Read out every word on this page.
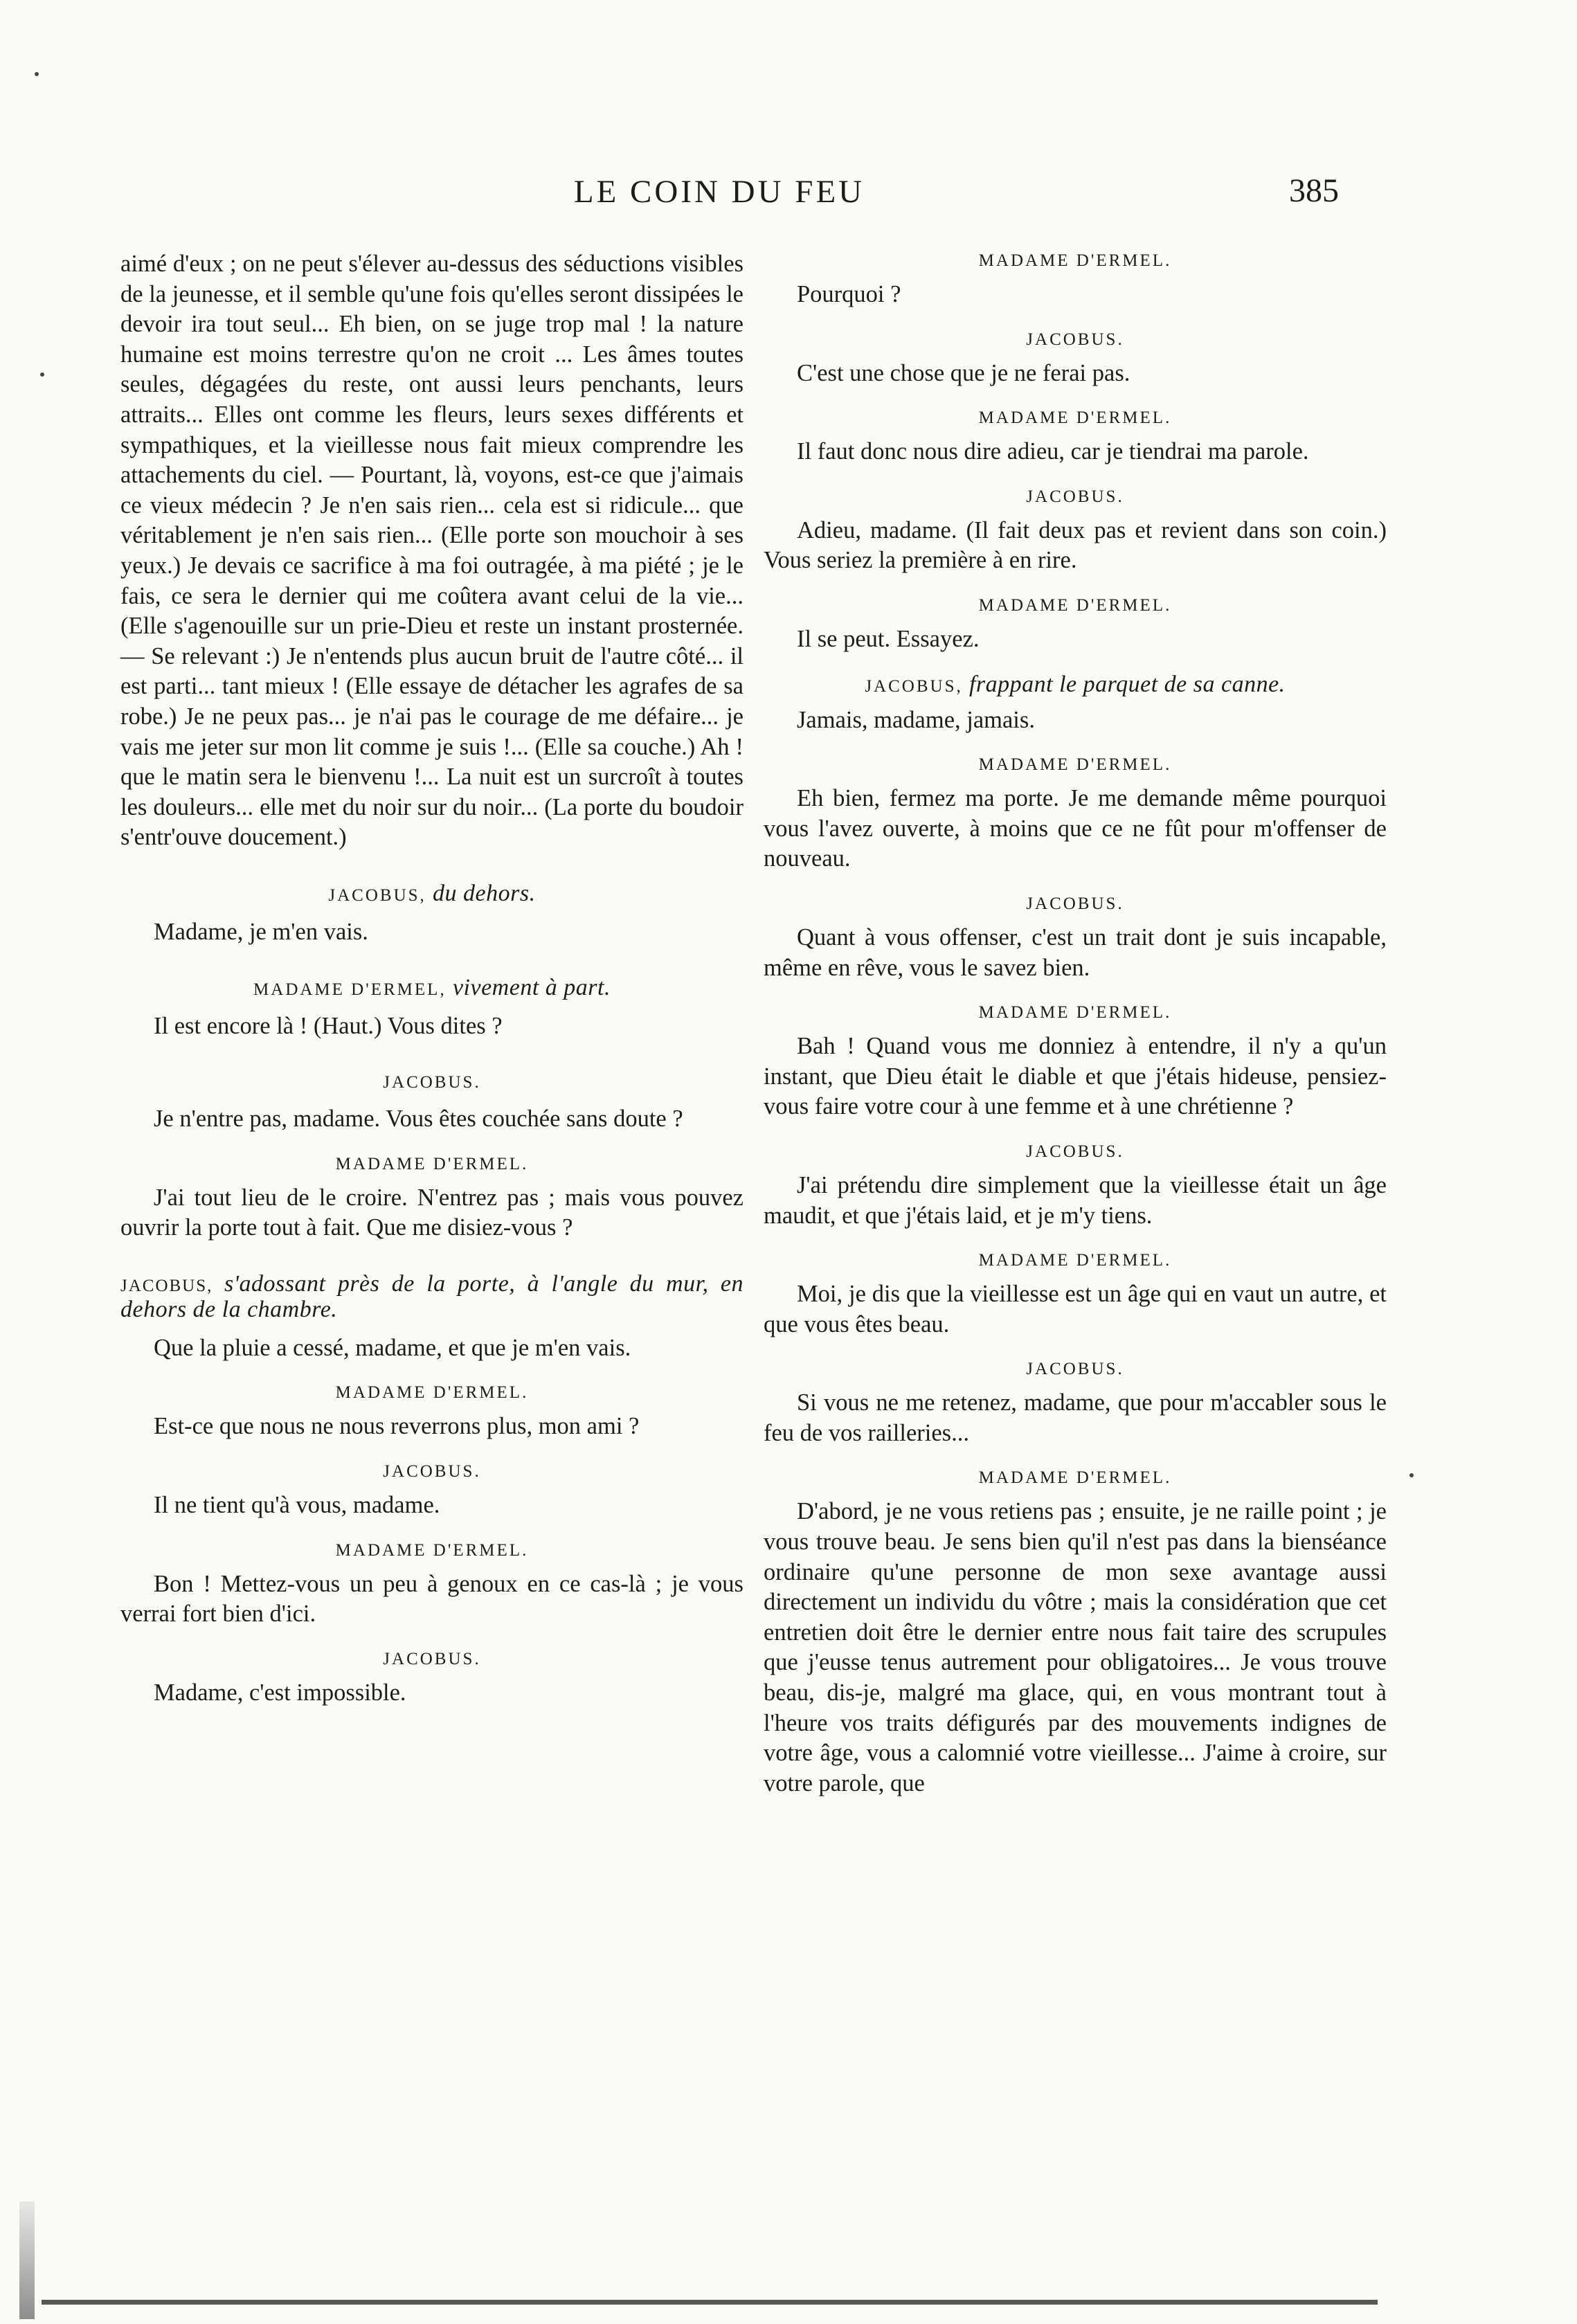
LE COIN DU FEU	385

aimé d'eux ; on ne peut s'élever au-dessus des séductions visibles de la jeunesse, et il semble qu'une fois qu'elles seront dissipées le devoir ira tout seul... Eh bien, on se juge trop mal ! la nature humaine est moins terrestre qu'on ne croit ... Les âmes toutes seules, dégagées du reste, ont aussi leurs penchants, leurs attraits... Elles ont comme les fleurs, leurs sexes différents et sympathiques, et la vieillesse nous fait mieux comprendre les attachements du ciel. — Pourtant, là, voyons, est-ce que j'aimais ce vieux médecin ? Je n'en sais rien... cela est si ridicule... que véritablement je n'en sais rien... (Elle porte son mouchoir à ses yeux.) Je devais ce sacrifice à ma foi outragée, à ma piété ; je le fais, ce sera le dernier qui me coûtera avant celui de la vie... (Elle s'agenouille sur un prie-Dieu et reste un instant prosternée. — Se relevant :) Je n'entends plus aucun bruit de l'autre côté... il est parti... tant mieux ! (Elle essaye de détacher les agrafes de sa robe.) Je ne peux pas... je n'ai pas le courage de me défaire... je vais me jeter sur mon lit comme je suis !... (Elle sa couche.) Ah ! que le matin sera le bienvenu !... La nuit est un surcroît à toutes les douleurs... elle met du noir sur du noir... (La porte du boudoir s'entr'ouve doucement.)

JACOBUS, du dehors.

Madame, je m'en vais.

MADAME D'ERMEL, vivement à part.

Il est encore là ! (Haut.) Vous dites ?

JACOBUS.

Je n'entre pas, madame. Vous êtes couchée sans doute ?

MADAME D'ERMEL.

J'ai tout lieu de le croire. N'entrez pas ; mais vous pouvez ouvrir la porte tout à fait. Que me disiez-vous ?

JACOBUS, s'adossant près de la porte, à l'angle du mur, en dehors de la chambre.

Que la pluie a cessé, madame, et que je m'en vais.

MADAME D'ERMEL.

Est-ce que nous ne nous reverrons plus, mon ami ?

JACOBUS.

Il ne tient qu'à vous, madame.

MADAME D'ERMEL.

Bon ! Mettez-vous un peu à genoux en ce cas-là ; je vous verrai fort bien d'ici.

JACOBUS.

Madame, c'est impossible.

MADAME D'ERMEL.

Pourquoi ?

JACOBUS.

C'est une chose que je ne ferai pas.

MADAME D'ERMEL.

Il faut donc nous dire adieu, car je tiendrai ma parole.

JACOBUS.

Adieu, madame. (Il fait deux pas et revient dans son coin.) Vous seriez la première à en rire.

MADAME D'ERMEL.

Il se peut. Essayez.

JACOBUS, frappant le parquet de sa canne.

Jamais, madame, jamais.

MADAME D'ERMEL.

Eh bien, fermez ma porte. Je me demande même pourquoi vous l'avez ouverte, à moins que ce ne fût pour m'offenser de nouveau.

JACOBUS.

Quant à vous offenser, c'est un trait dont je suis incapable, même en rêve, vous le savez bien.

MADAME D'ERMEL.

Bah ! Quand vous me donniez à entendre, il n'y a qu'un instant, que Dieu était le diable et que j'étais hideuse, pensiez-vous faire votre cour à une femme et à une chrétienne ?

JACOBUS.

J'ai prétendu dire simplement que la vieillesse était un âge maudit, et que j'étais laid, et je m'y tiens.

MADAME D'ERMEL.

Moi, je dis que la vieillesse est un âge qui en vaut un autre, et que vous êtes beau.

JACOBUS.

Si vous ne me retenez, madame, que pour m'accabler sous le feu de vos railleries...

MADAME D'ERMEL.

D'abord, je ne vous retiens pas ; ensuite, je ne raille point ; je vous trouve beau. Je sens bien qu'il n'est pas dans la bienséance ordinaire qu'une personne de mon sexe avantage aussi directement un individu du vôtre ; mais la considération que cet entretien doit être le dernier entre nous fait taire des scrupules que j'eusse tenus autrement pour obligatoires... Je vous trouve beau, dis-je, malgré ma glace, qui, en vous montrant tout à l'heure vos traits défigurés par des mouvements indignes de votre âge, vous a calomnié votre vieillesse... J'aime à croire, sur votre parole, que
